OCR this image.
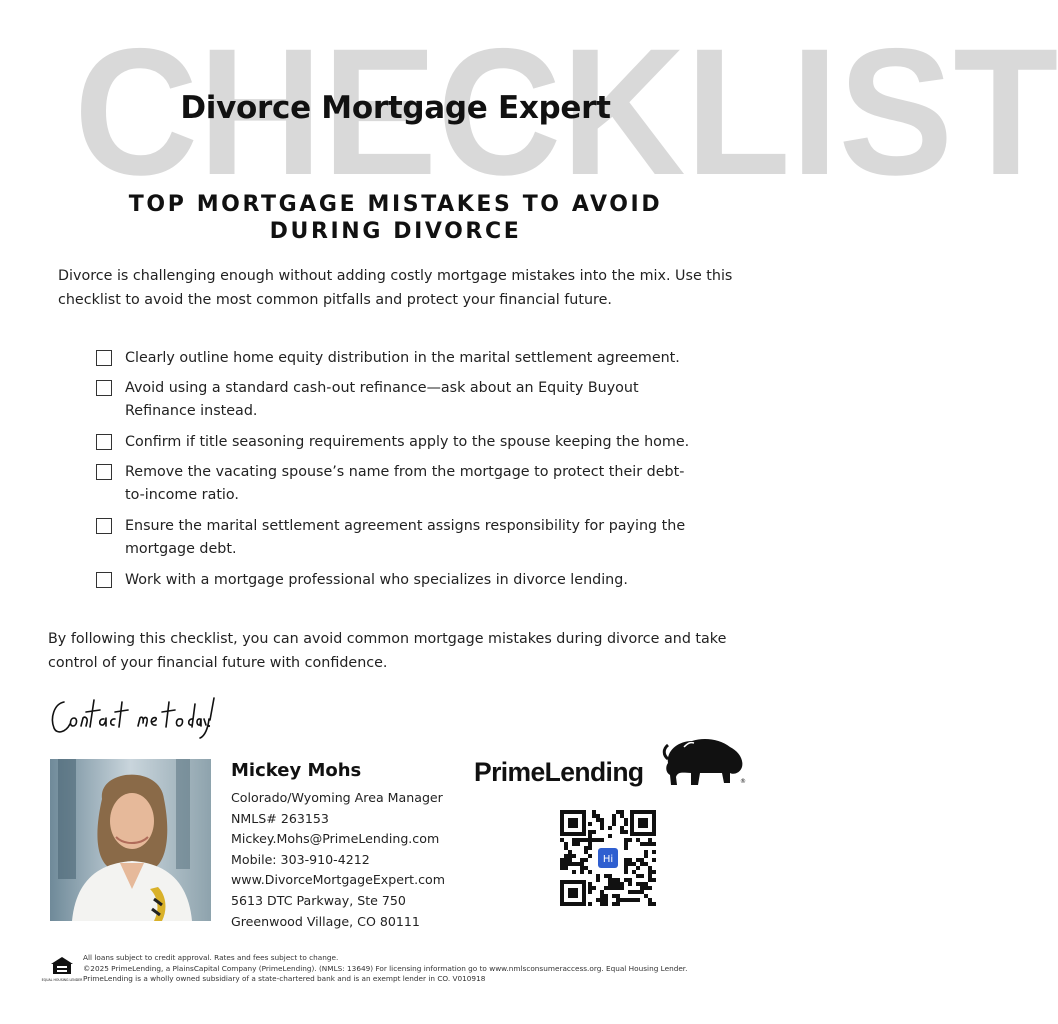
C H E C K L I S T
Divorce Mortgage Expert
TOP MORTGAGE MISTAKES TO AVOID
DURING DIVORCE
Divorce is challenging enough without adding costly mortgage mistakes into the mix. Use this
checklist to avoid the most common pitfalls and protect your financial future.
Clearly outline home equity distribution in the marital settlement agreement.
Avoid using a standard cash-out refinance—ask about an Equity Buyout
Refinance instead.
Confirm if title seasoning requirements apply to the spouse keeping the home.
Remove the vacating spouse’s name from the mortgage to protect their debt-
to-income ratio.
Ensure the marital settlement agreement assigns responsibility for paying the
mortgage debt.
Work with a mortgage professional who specializes in divorce lending.
By following this checklist, you can avoid common mortgage mistakes during divorce and take
control of your financial future with confidence.
Mickey Mohs
Colorado/Wyoming Area Manager
NMLS# 263153
Mickey.Mohs@PrimeLending.com
Mobile: 303-910-4212
www.DivorceMortgageExpert.com
5613 DTC Parkway, Ste 750
Greenwood Village, CO 80111
PrimeLending	®
Hi
EQUAL HOUSING LENDER
All loans subject to credit approval. Rates and fees subject to change.
©2025 PrimeLending, a PlainsCapital Company (PrimeLending). (NMLS: 13649) For licensing information go to www.nmlsconsumeraccess.org. Equal Housing Lender.
PrimeLending is a wholly owned subsidiary of a state-chartered bank and is an exempt lender in CO. V010918
